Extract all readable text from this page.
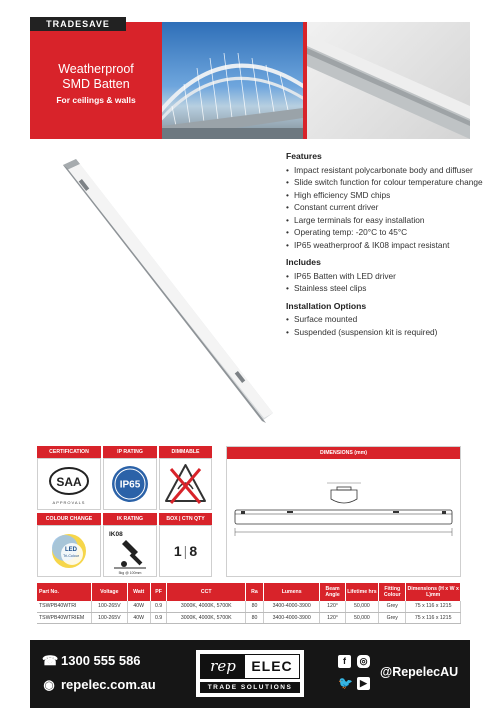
TRADESAVE
Weatherproof
SMD Batten
For ceilings & walls
Features
• Impact resistant polycarbonate body and diffuser
• Slide switch function for colour temperature change
• High efficiency SMD chips
• Constant current driver
• Large terminals for easy installation
• Operating temp: -20°C to 45°C
• IP65 weatherproof & IK08 impact resistant
Includes
• IP65 Batten with LED driver
• Stainless steel clips
Installation Options
• Surface mounted
• Suspended (suspension kit is required)
CERTIFICATION	IP RATING	DIMMABLE
SAA
APPROVALS
IP65
COLOUR CHANGE	IK RATING	BOX | CTN QTY
LED
Tri-Colour
IK08
5kg @ 100mm
1 | 8
DIMENSIONS (mm)
Part No.	Voltage	Watt	PF	CCT	Ra	Lumens	Beam Angle	Lifetime hrs	Fitting Colour	Dimensions (H x W x L)mm
TSWPB40WTRI	100-265V	40W	0.9	3000K, 4000K, 5700K	80	3400-4000-3900	120°	50,000	Grey	75 x 116 x 1215
TSWPB40WTRIEM	100-265V	40W	0.9	3000K, 4000K, 5700K	80	3400-4000-3900	120°	50,000	Grey	75 x 116 x 1215
☎ 1300 555 586
◉ repelec.com.au
rep	ELEC
TRADE SOLUTIONS
f	◎
🐦 ▶
@RepelecAU
